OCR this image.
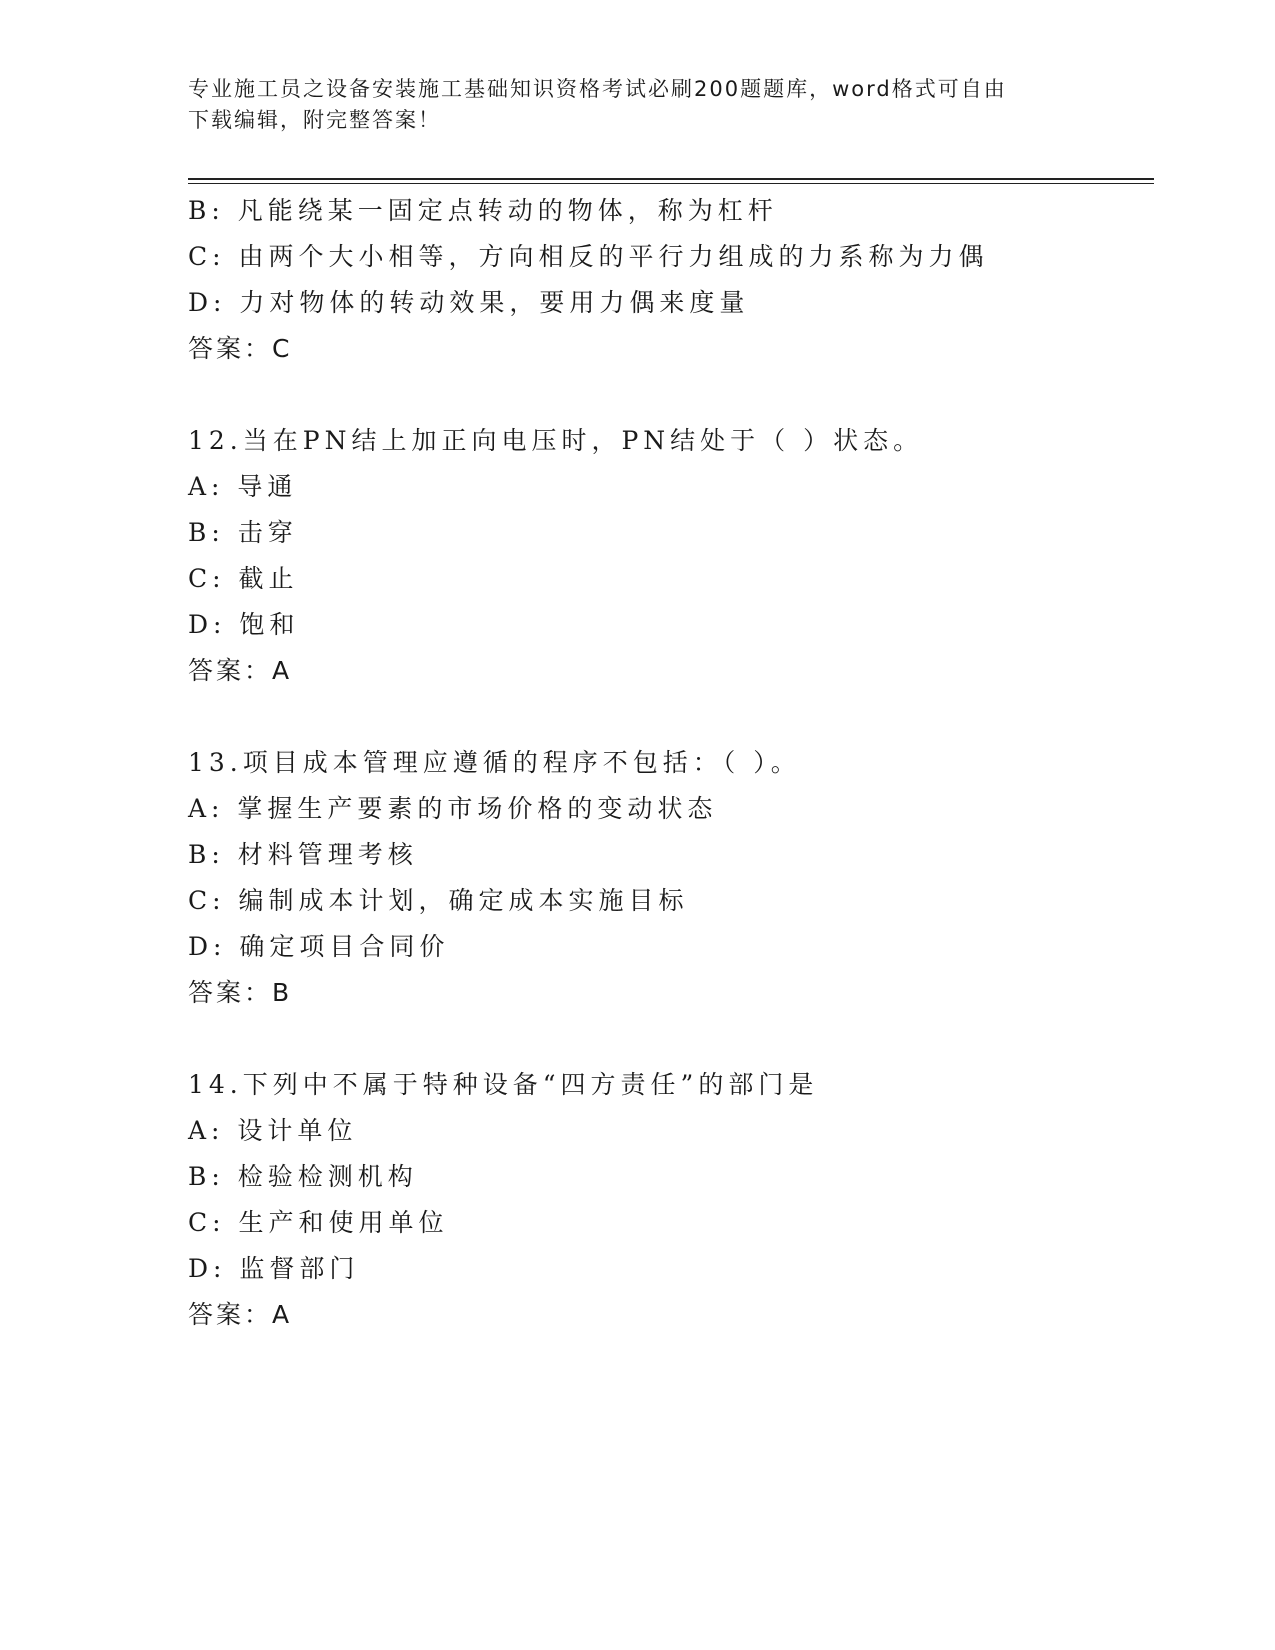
专业施工员之设备安装施工基础知识资格考试必刷200题题库，word格式可自由
下载编辑，附完整答案！
B: 凡能绕某一固定点转动的物体，称为杠杆
C: 由两个大小相等，方向相反的平行力组成的力系称为力偶
D: 力对物体的转动效果，要用力偶来度量
答案：C
12.当在PN结上加正向电压时，PN结处于（ ）状态。
A: 导通
B: 击穿
C: 截止
D: 饱和
答案：A
13.项目成本管理应遵循的程序不包括：（ ）。
A: 掌握生产要素的市场价格的变动状态
B: 材料管理考核
C: 编制成本计划，确定成本实施目标
D: 确定项目合同价
答案：B
14.下列中不属于特种设备“四方责任”的部门是
A: 设计单位
B: 检验检测机构
C: 生产和使用单位
D: 监督部门
答案：A
